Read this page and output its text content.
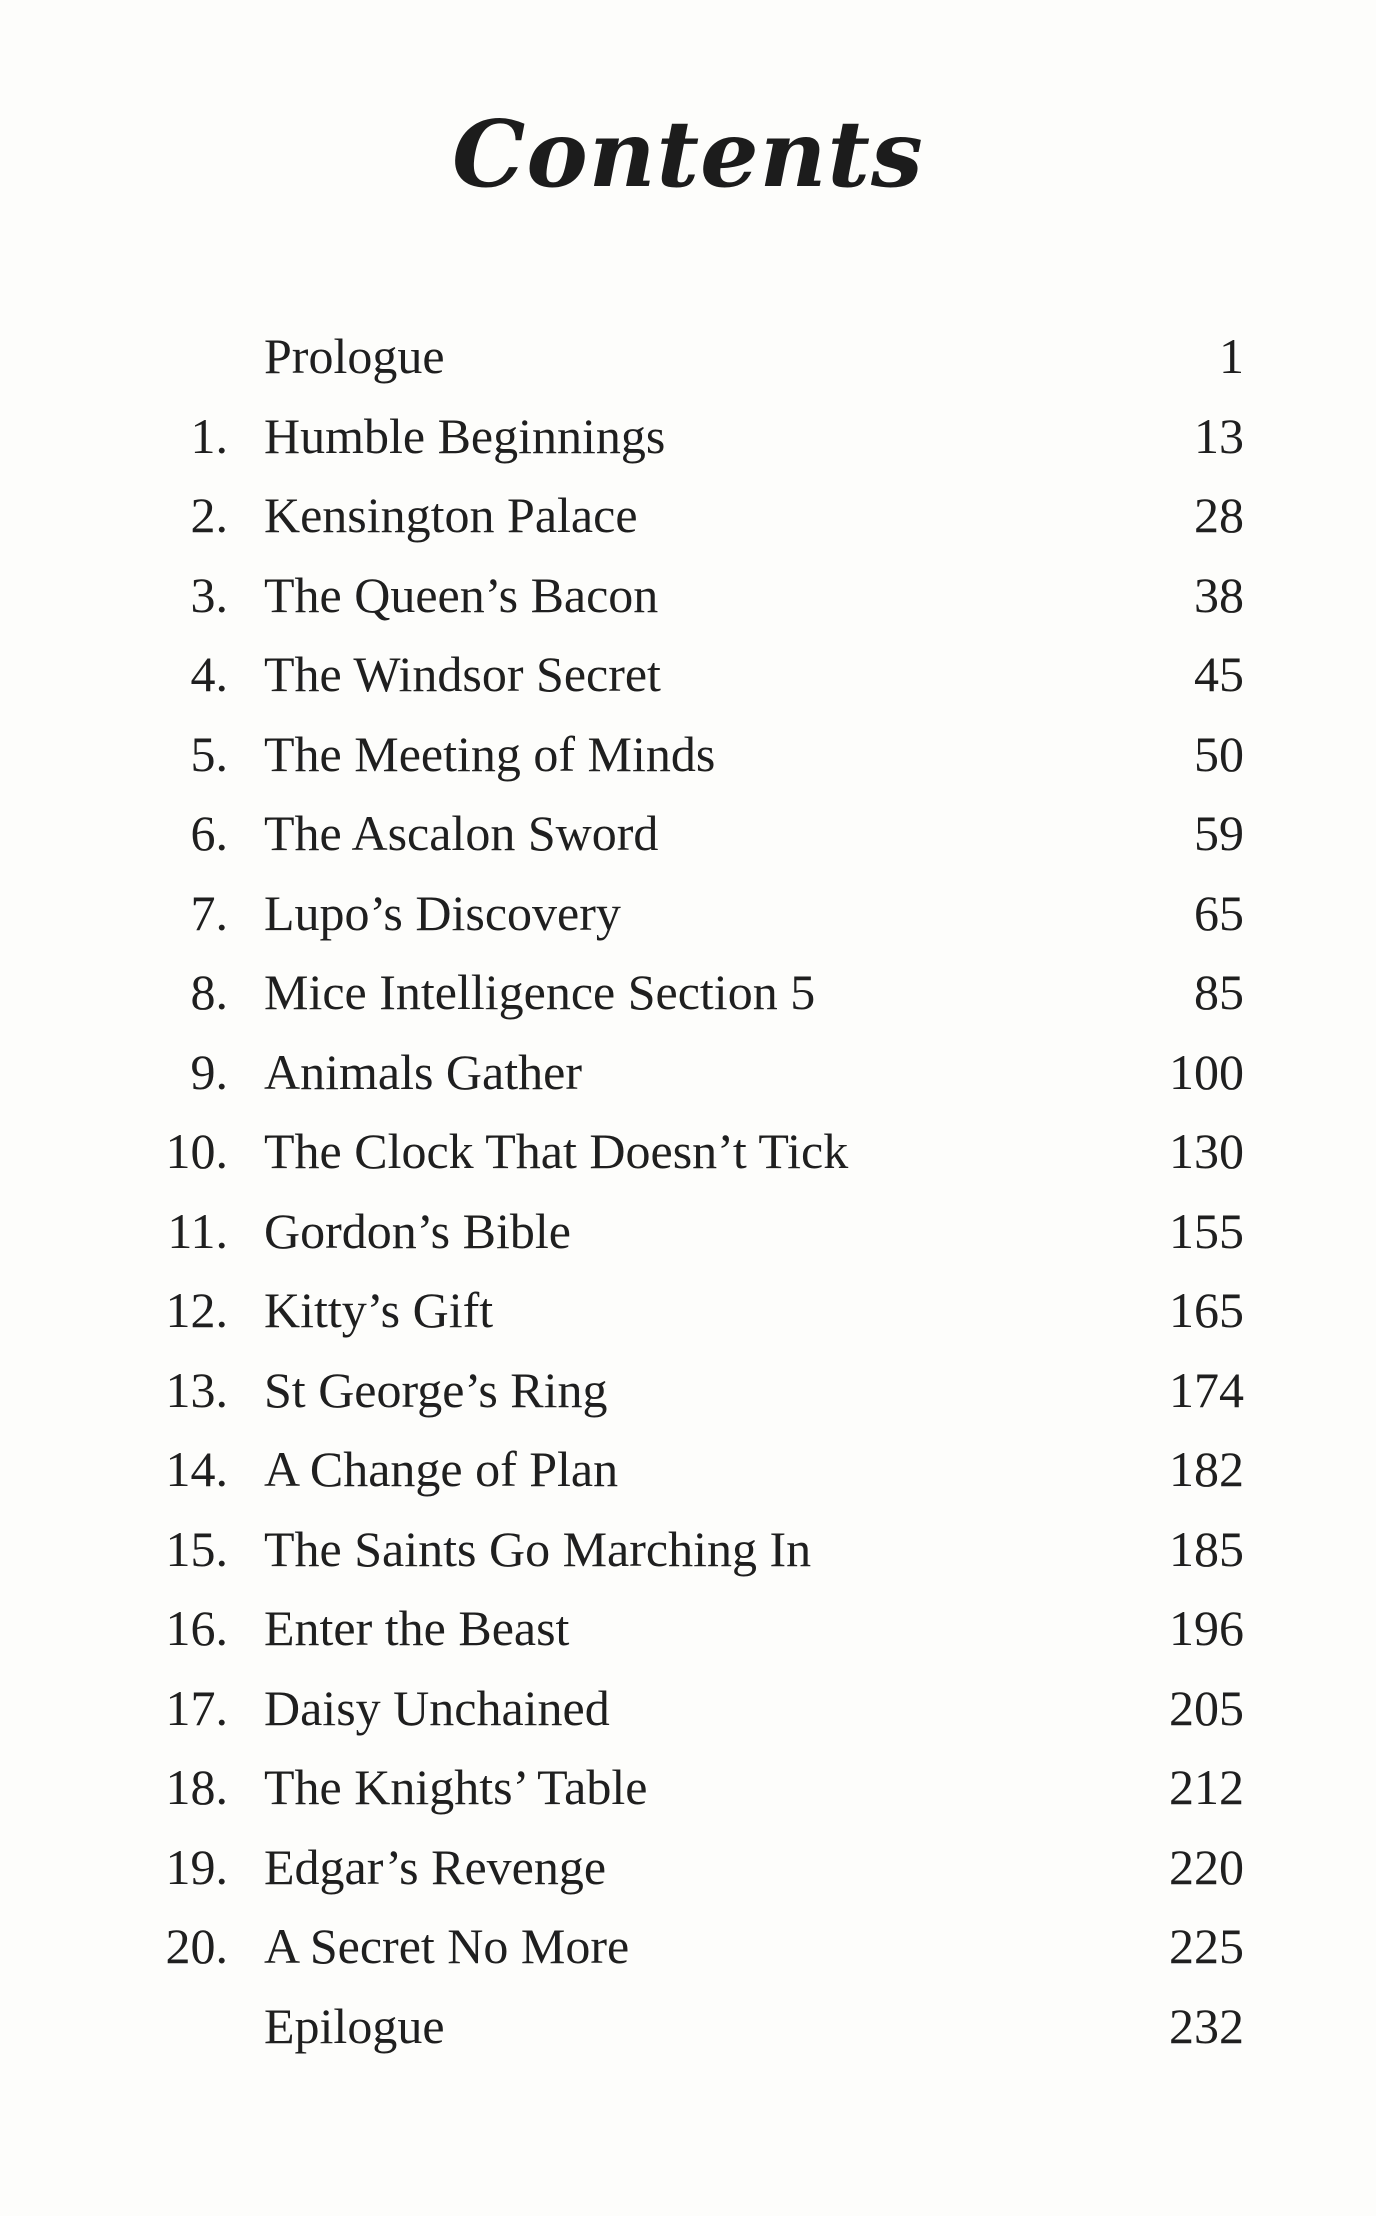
Contents
Prologue	1
1. Humble Beginnings	13
2. Kensington Palace	28
3. The Queen’s Bacon	38
4. The Windsor Secret	45
5. The Meeting of Minds	50
6. The Ascalon Sword	59
7. Lupo’s Discovery	65
8. Mice Intelligence Section 5	85
9. Animals Gather	100
10. The Clock That Doesn’t Tick	130
11. Gordon’s Bible	155
12. Kitty’s Gift	165
13. St George’s Ring	174
14. A Change of Plan	182
15. The Saints Go Marching In	185
16. Enter the Beast	196
17. Daisy Unchained	205
18. The Knights’ Table	212
19. Edgar’s Revenge	220
20. A Secret No More	225
Epilogue	232
